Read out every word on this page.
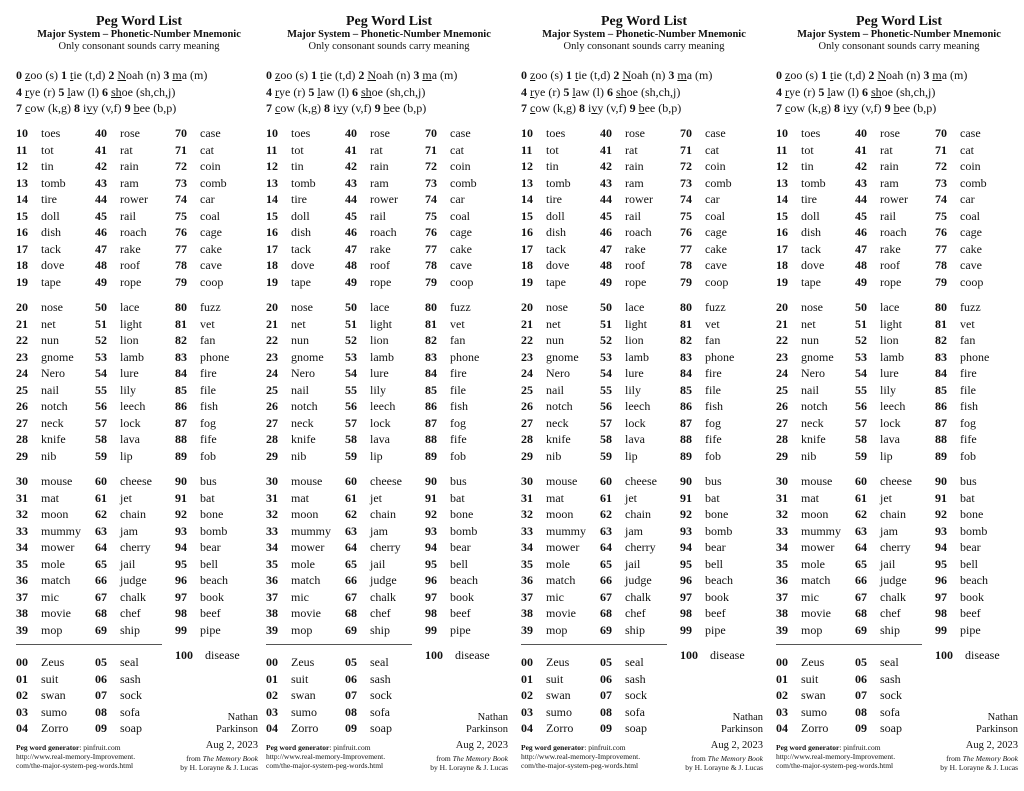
Peg Word List
Major System – Phonetic-Number Mnemonic
Only consonant sounds carry meaning
0 zoo (s) 1 tie (t,d) 2 Noah (n) 3 ma (m)
4 rye (r) 5 law (l) 6 shoe (sh,ch,j)
7 cow (k,g) 8 ivy (v,f) 9 bee (b,p)
10 toes
11 tot
12 tin
13 tomb
14 tire
15 doll
16 dish
17 tack
18 dove
19 tape
40 rose
41 rat
42 rain
43 ram
44 rower
45 rail
46 roach
47 rake
48 roof
49 rope
70 case
71 cat
72 coin
73 comb
74 car
75 coal
76 cage
77 cake
78 cave
79 coop
20 nose
21 net
22 nun
23 gnome
24 Nero
25 nail
26 notch
27 neck
28 knife
29 nib
50 lace
51 light
52 lion
53 lamb
54 lure
55 lily
56 leech
57 lock
58 lava
59 lip
80 fuzz
81 vet
82 fan
83 phone
84 fire
85 file
86 fish
87 fog
88 fife
89 fob
30 mouse
31 mat
32 moon
33 mummy
34 mower
35 mole
36 match
37 mic
38 movie
39 mop
60 cheese
61 jet
62 chain
63 jam
64 cherry
65 jail
66 judge
67 chalk
68 chef
69 ship
90 bus
91 bat
92 bone
93 bomb
94 bear
95 bell
96 beach
97 book
98 beef
99 pipe
00 Zeus
01 suit
02 swan
03 sumo
04 Zorro
05 seal
06 sash
07 sock
08 sofa
09 soap
100 disease
Nathan
Parkinson
Aug 2, 2023
from The Memory Book
by H. Lorayne & J. Lucas
Peg word generator: pinfruit.com
http://www.real-memory-Improvement.
com/the-major-system-peg-words.html
Peg Word List
Major System – Phonetic-Number Mnemonic
Only consonant sounds carry meaning
0 zoo (s) 1 tie (t,d) 2 Noah (n) 3 ma (m)
4 rye (r) 5 law (l) 6 shoe (sh,ch,j)
7 cow (k,g) 8 ivy (v,f) 9 bee (b,p)
10 toes
11 tot
12 tin
13 tomb
14 tire
15 doll
16 dish
17 tack
18 dove
19 tape
40 rose
41 rat
42 rain
43 ram
44 rower
45 rail
46 roach
47 rake
48 roof
49 rope
70 case
71 cat
72 coin
73 comb
74 car
75 coal
76 cage
77 cake
78 cave
79 coop
20 nose
21 net
22 nun
23 gnome
24 Nero
25 nail
26 notch
27 neck
28 knife
29 nib
50 lace
51 light
52 lion
53 lamb
54 lure
55 lily
56 leech
57 lock
58 lava
59 lip
80 fuzz
81 vet
82 fan
83 phone
84 fire
85 file
86 fish
87 fog
88 fife
89 fob
30 mouse
31 mat
32 moon
33 mummy
34 mower
35 mole
36 match
37 mic
38 movie
39 mop
60 cheese
61 jet
62 chain
63 jam
64 cherry
65 jail
66 judge
67 chalk
68 chef
69 ship
90 bus
91 bat
92 bone
93 bomb
94 bear
95 bell
96 beach
97 book
98 beef
99 pipe
00 Zeus
01 suit
02 swan
03 sumo
04 Zorro
05 seal
06 sash
07 sock
08 sofa
09 soap
100 disease
Nathan
Parkinson
Aug 2, 2023
from The Memory Book
by H. Lorayne & J. Lucas
Peg word generator: pinfruit.com
http://www.real-memory-Improvement.
com/the-major-system-peg-words.html
Peg Word List
Major System – Phonetic-Number Mnemonic
Only consonant sounds carry meaning
0 zoo (s) 1 tie (t,d) 2 Noah (n) 3 ma (m)
4 rye (r) 5 law (l) 6 shoe (sh,ch,j)
7 cow (k,g) 8 ivy (v,f) 9 bee (b,p)
10 toes
11 tot
12 tin
13 tomb
14 tire
15 doll
16 dish
17 tack
18 dove
19 tape
40 rose
41 rat
42 rain
43 ram
44 rower
45 rail
46 roach
47 rake
48 roof
49 rope
70 case
71 cat
72 coin
73 comb
74 car
75 coal
76 cage
77 cake
78 cave
79 coop
20 nose
21 net
22 nun
23 gnome
24 Nero
25 nail
26 notch
27 neck
28 knife
29 nib
50 lace
51 light
52 lion
53 lamb
54 lure
55 lily
56 leech
57 lock
58 lava
59 lip
80 fuzz
81 vet
82 fan
83 phone
84 fire
85 file
86 fish
87 fog
88 fife
89 fob
30 mouse
31 mat
32 moon
33 mummy
34 mower
35 mole
36 match
37 mic
38 movie
39 mop
60 cheese
61 jet
62 chain
63 jam
64 cherry
65 jail
66 judge
67 chalk
68 chef
69 ship
90 bus
91 bat
92 bone
93 bomb
94 bear
95 bell
96 beach
97 book
98 beef
99 pipe
00 Zeus
01 suit
02 swan
03 sumo
04 Zorro
05 seal
06 sash
07 sock
08 sofa
09 soap
100 disease
Nathan
Parkinson
Aug 2, 2023
from The Memory Book
by H. Lorayne & J. Lucas
Peg word generator: pinfruit.com
http://www.real-memory-Improvement.
com/the-major-system-peg-words.html
Peg Word List
Major System – Phonetic-Number Mnemonic
Only consonant sounds carry meaning
0 zoo (s) 1 tie (t,d) 2 Noah (n) 3 ma (m)
4 rye (r) 5 law (l) 6 shoe (sh,ch,j)
7 cow (k,g) 8 ivy (v,f) 9 bee (b,p)
10 toes
11 tot
12 tin
13 tomb
14 tire
15 doll
16 dish
17 tack
18 dove
19 tape
40 rose
41 rat
42 rain
43 ram
44 rower
45 rail
46 roach
47 rake
48 roof
49 rope
70 case
71 cat
72 coin
73 comb
74 car
75 coal
76 cage
77 cake
78 cave
79 coop
20 nose
21 net
22 nun
23 gnome
24 Nero
25 nail
26 notch
27 neck
28 knife
29 nib
50 lace
51 light
52 lion
53 lamb
54 lure
55 lily
56 leech
57 lock
58 lava
59 lip
80 fuzz
81 vet
82 fan
83 phone
84 fire
85 file
86 fish
87 fog
88 fife
89 fob
30 mouse
31 mat
32 moon
33 mummy
34 mower
35 mole
36 match
37 mic
38 movie
39 mop
60 cheese
61 jet
62 chain
63 jam
64 cherry
65 jail
66 judge
67 chalk
68 chef
69 ship
90 bus
91 bat
92 bone
93 bomb
94 bear
95 bell
96 beach
97 book
98 beef
99 pipe
00 Zeus
01 suit
02 swan
03 sumo
04 Zorro
05 seal
06 sash
07 sock
08 sofa
09 soap
100 disease
Nathan
Parkinson
Aug 2, 2023
from The Memory Book
by H. Lorayne & J. Lucas
Peg word generator: pinfruit.com
http://www.real-memory-Improvement.
com/the-major-system-peg-words.html
